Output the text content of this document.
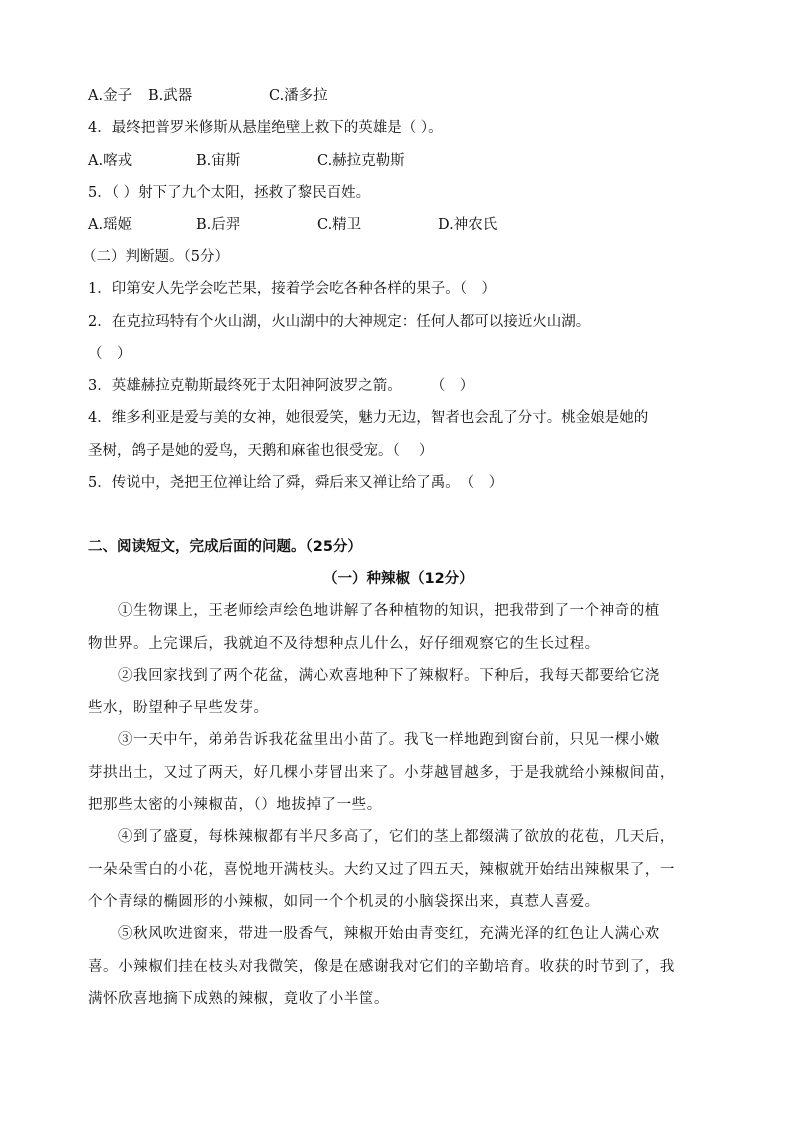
A.金子 B.武器	C.潘多拉
4．最终把普罗米修斯从悬崖绝壁上救下的英雄是（ ）。
A.喀戎	B.宙斯	C.赫拉克勒斯
5．（ ）射下了九个太阳，拯救了黎民百姓。
A.瑶姬	B.后羿	C.精卫	D.神农氏
（二）判断题。（5分）
1．印第安人先学会吃芒果，接着学会吃各种各样的果子。（　）
2．在克拉玛特有个火山湖，火山湖中的大神规定：任何人都可以接近火山湖。
（　）
3．英雄赫拉克勒斯最终死于太阳神阿波罗之箭。　　　（　）
4．维多利亚是爱与美的女神，她很爱笑，魅力无边，智者也会乱了分寸。桃金娘是她的
圣树，鸽子是她的爱鸟，天鹅和麻雀也很受宠。（　 ）
5．传说中，尧把王位禅让给了舜，舜后来又禅让给了禹。　（　）
二、阅读短文，完成后面的问题。（25分）
（一）种辣椒（12分）
①生物课上，王老师绘声绘色地讲解了各种植物的知识，把我带到了一个神奇的植
物世界。上完课后，我就迫不及待想种点儿什么，好仔细观察它的生长过程。
②我回家找到了两个花盆，满心欢喜地种下了辣椒籽。下种后，我每天都要给它浇
些水，盼望种子早些发芽。
③一天中午，弟弟告诉我花盆里出小苗了。我飞一样地跑到窗台前，只见一棵小嫩
芽拱出土，又过了两天，好几棵小芽冒出来了。小芽越冒越多，于是我就给小辣椒间苗，
把那些太密的小辣椒苗，（）地拔掉了一些。
④到了盛夏，每株辣椒都有半尺多高了，它们的茎上都缀满了欲放的花苞，几天后，
一朵朵雪白的小花，喜悦地开满枝头。大约又过了四五天，辣椒就开始结出辣椒果了，一
个个青绿的椭圆形的小辣椒，如同一个个机灵的小脑袋探出来，真惹人喜爱。
⑤秋风吹进窗来，带进一股香气，辣椒开始由青变红，充满光泽的红色让人满心欢
喜。小辣椒们挂在枝头对我微笑，像是在感谢我对它们的辛勤培育。收获的时节到了，我
满怀欣喜地摘下成熟的辣椒，竟收了小半筐。
